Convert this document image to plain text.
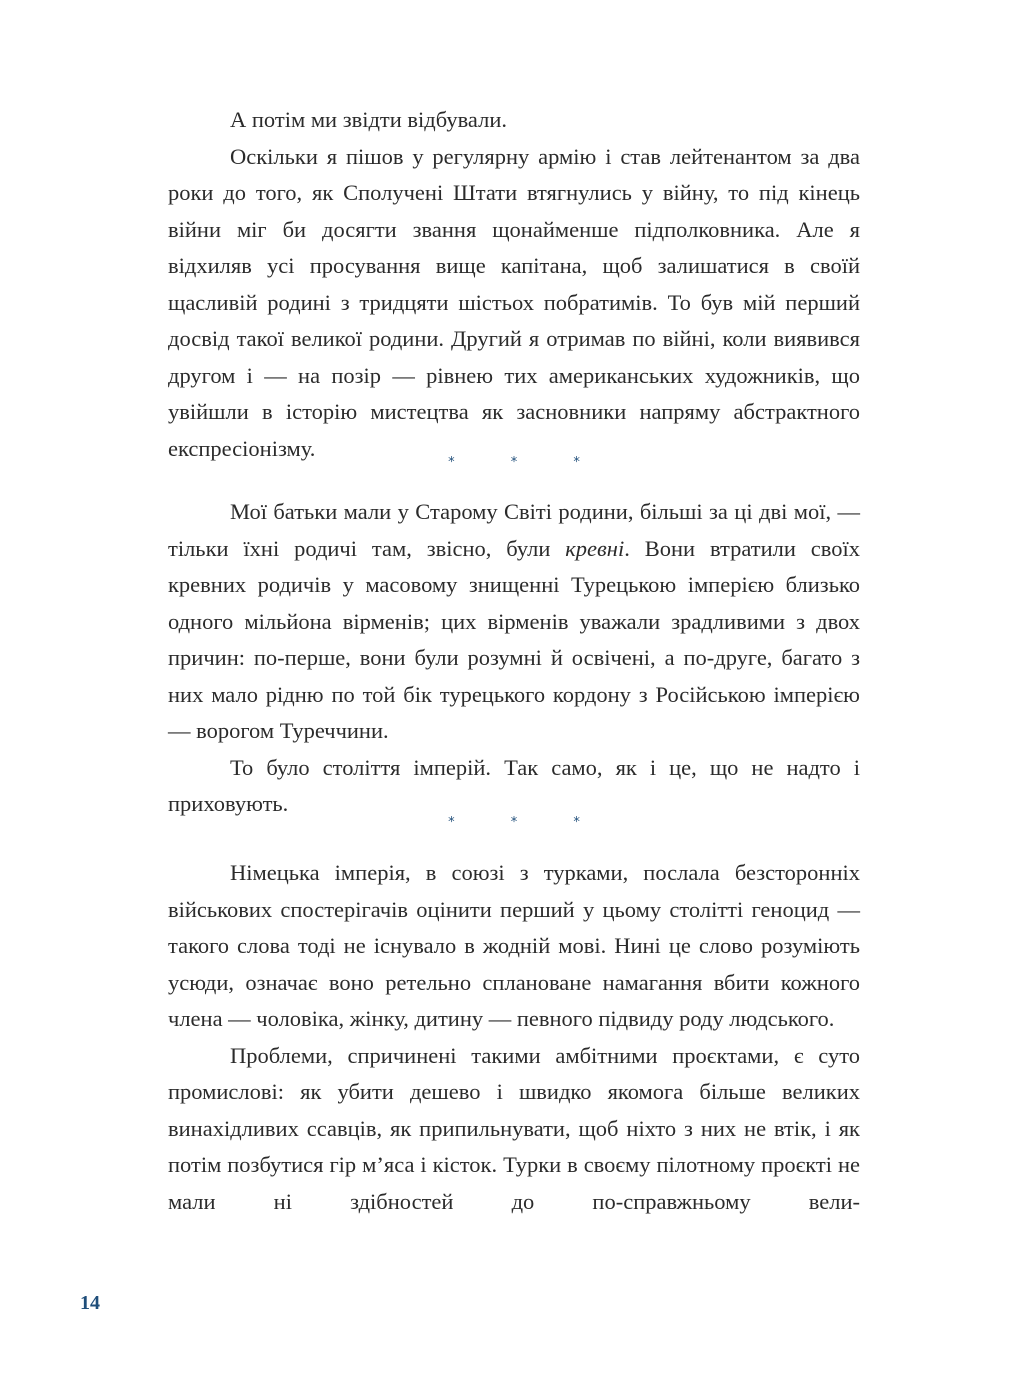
А потім ми звідти відбували.

Оскільки я пішов у регулярну армію і став лейтенантом за два роки до того, як Сполучені Штати втягнулись у війну, то під кінець війни міг би досягти звання щонайменше підполковника. Але я відхиляв усі просування вище капітана, щоб залишатися в своїй щасливій родині з тридцяти шістьох побратимів. То був мій перший досвід такої великої родини. Другий я отримав по війні, коли виявився другом і — на позір — рівнею тих американських художників, що увійшли в історію мистецтва як засновники напряму абстрактного експресіонізму.

* * *

Мої батьки мали у Старому Світі родини, більші за ці дві мої, — тільки їхні родичі там, звісно, були кревні. Вони втратили своїх кревних родичів у масовому знищенні Турецькою імперією близько одного мільйона вірменів; цих вірменів уважали зрадливими з двох причин: по-перше, вони були розумні й освічені, а по-друге, багато з них мало рідню по той бік турецького кордону з Російською імперією — ворогом Туреччини.

То було століття імперій. Так само, як і це, що не надто і приховують.

* * *

Німецька імперія, в союзі з турками, послала безсторонніх військових спостерігачів оцінити перший у цьому столітті геноцид — такого слова тоді не існувало в жодній мові. Нині це слово розуміють усюди, означає воно ретельно сплановане намагання вбити кожного члена — чоловіка, жінку, дитину — певного підвиду роду людського.

Проблеми, спричинені такими амбітними проєктами, є суто промислові: як убити дешево і швидко якомога більше великих винахідливих ссавців, як припильнувати, щоб ніхто з них не втік, і як потім позбутися гір м’яса і кісток. Турки в своєму пілотному проєкті не мали ні здібностей до по-справжньому вели-

14
